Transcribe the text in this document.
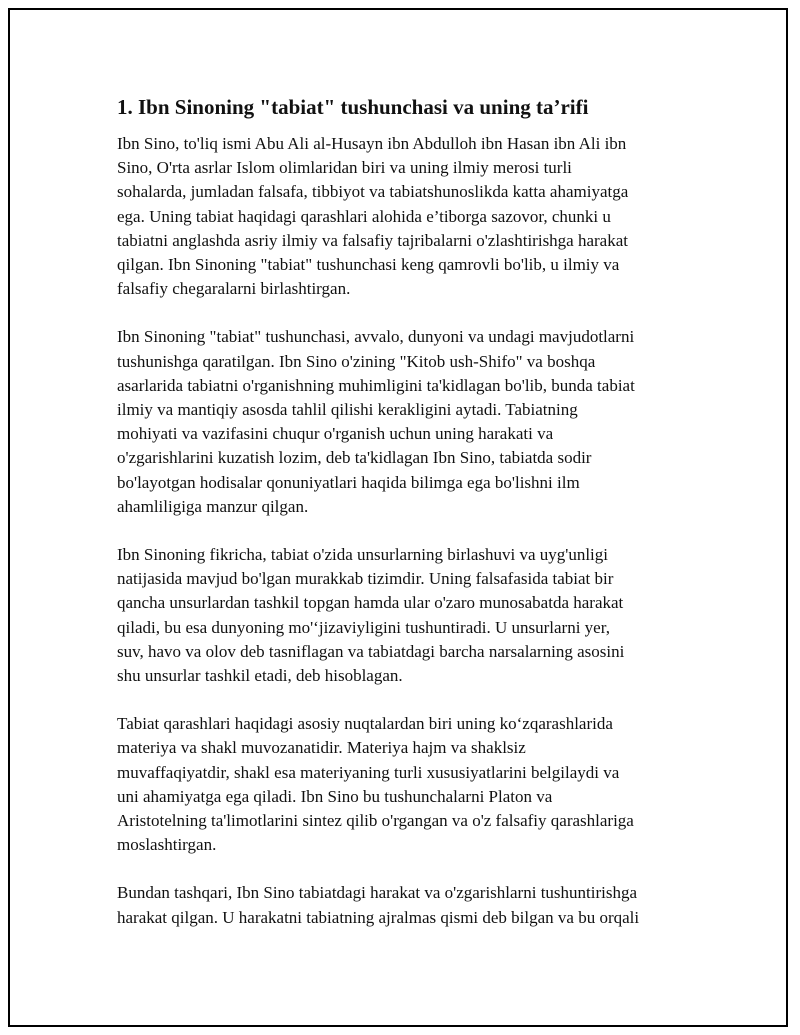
1. Ibn Sinoning "tabiat" tushunchasi va uning ta’rifi
Ibn Sino, to'liq ismi Abu Ali al-Husayn ibn Abdulloh ibn Hasan ibn Ali ibn
Sino, O'rta asrlar Islom olimlaridan biri va uning ilmiy merosi turli
sohalarda, jumladan falsafa, tibbiyot va tabiatshunoslikda katta ahamiyatga
ega. Uning tabiat haqidagi qarashlari alohida e’tiborga sazovor, chunki u
tabiatni anglashda asriy ilmiy va falsafiy tajribalarni o'zlashtirishga harakat
qilgan. Ibn Sinoning "tabiat" tushunchasi keng qamrovli bo'lib, u ilmiy va
falsafiy chegaralarni birlashtirgan.
Ibn Sinoning "tabiat" tushunchasi, avvalo, dunyoni va undagi mavjudotlarni
tushunishga qaratilgan. Ibn Sino o'zining "Kitob ush-Shifo" va boshqa
asarlarida tabiatni o'rganishning muhimligini ta'kidlagan bo'lib, bunda tabiat
ilmiy va mantiqiy asosda tahlil qilishi kerakligini aytadi. Tabiatning
mohiyati va vazifasini chuqur o'rganish uchun uning harakati va
o'zgarishlarini kuzatish lozim, deb ta'kidlagan Ibn Sino, tabiatda sodir
bo'layotgan hodisalar qonuniyatlari haqida bilimga ega bo'lishni ilm
ahamliligiga manzur qilgan.
Ibn Sinoning fikricha, tabiat o'zida unsurlarning birlashuvi va uyg'unligi
natijasida mavjud bo'lgan murakkab tizimdir. Uning falsafasida tabiat bir
qancha unsurlardan tashkil topgan hamda ular o'zaro munosabatda harakat
qiladi, bu esa dunyoning mo'‘jizaviyligini tushuntiradi. U unsurlarni yer,
suv, havo va olov deb tasniflagan va tabiatdagi barcha narsalarning asosini
shu unsurlar tashkil etadi, deb hisoblagan.
Tabiat qarashlari haqidagi asosiy nuqtalardan biri uning ko‘zqarashlarida
materiya va shakl muvozanatidir. Materiya hajm va shaklsiz
muvaffaqiyatdir, shakl esa materiyaning turli xususiyatlarini belgilaydi va
uni ahamiyatga ega qiladi. Ibn Sino bu tushunchalarni Platon va
Aristotelning ta'limotlarini sintez qilib o'rgangan va o'z falsafiy qarashlariga
moslashtirgan.
Bundan tashqari, Ibn Sino tabiatdagi harakat va o'zgarishlarni tushuntirishga
harakat qilgan. U harakatni tabiatning ajralmas qismi deb bilgan va bu orqali
